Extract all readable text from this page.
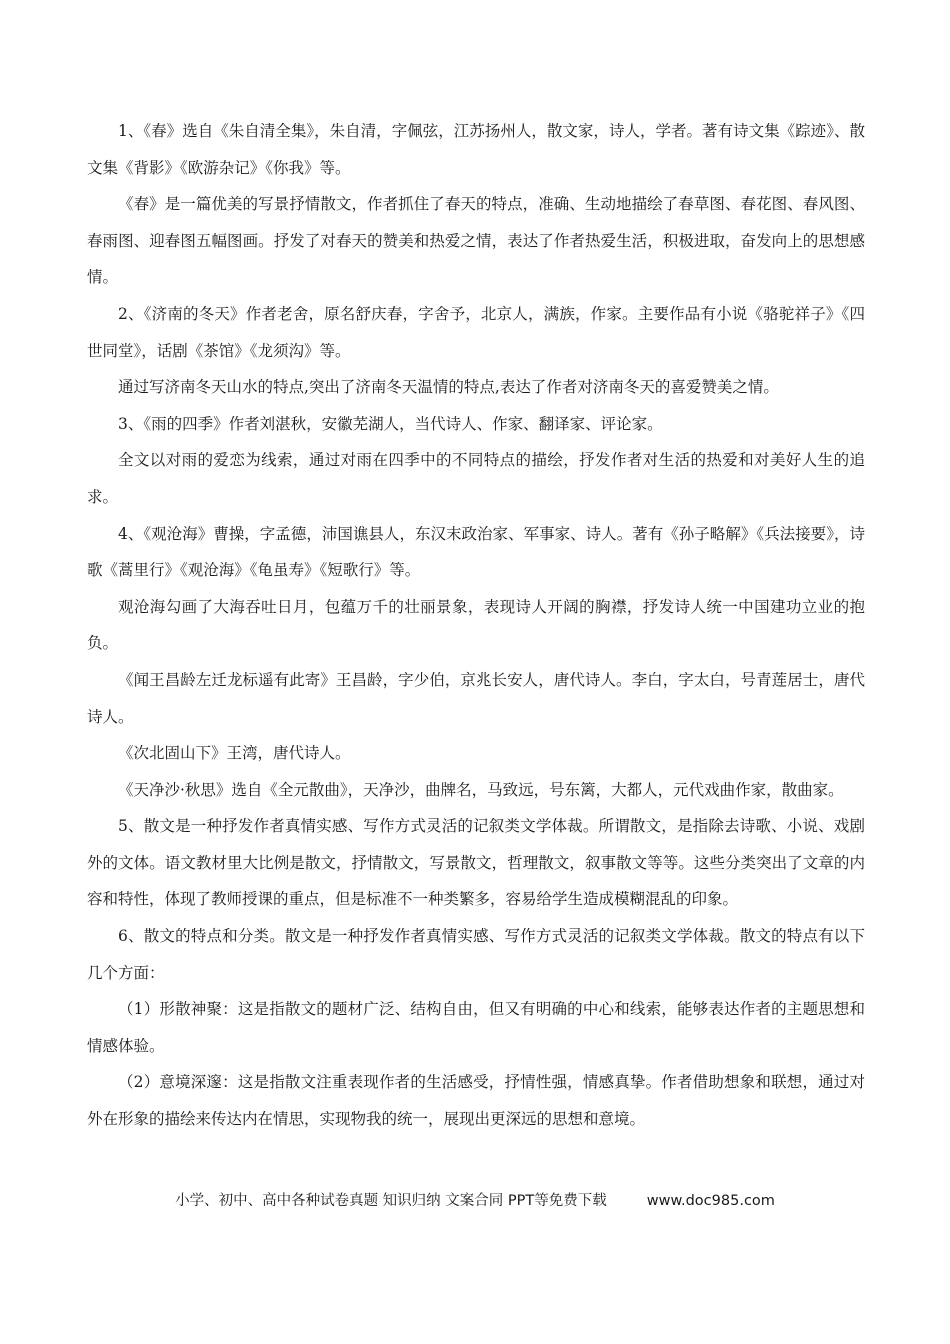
1、《春》选自《朱自清全集》，朱自清，字佩弦，江苏扬州人，散文家，诗人，学者。著有诗文集《踪迹》、散文集《背影》《欧游杂记》《你我》等。

《春》是一篇优美的写景抒情散文，作者抓住了春天的特点，准确、生动地描绘了春草图、春花图、春风图、春雨图、迎春图五幅图画。抒发了对春天的赞美和热爱之情，表达了作者热爱生活，积极进取，奋发向上的思想感情。

2、《济南的冬天》作者老舍，原名舒庆春，字舍予，北京人，满族，作家。主要作品有小说《骆驼祥子》《四世同堂》，话剧《茶馆》《龙须沟》等。

通过写济南冬天山水的特点,突出了济南冬天温情的特点,表达了作者对济南冬天的喜爱赞美之情。

3、《雨的四季》作者刘湛秋，安徽芜湖人，当代诗人、作家、翻译家、评论家。

全文以对雨的爱恋为线索，通过对雨在四季中的不同特点的描绘，抒发作者对生活的热爱和对美好人生的追求。

4、《观沧海》曹操，字孟德，沛国谯县人，东汉末政治家、军事家、诗人。著有《孙子略解》《兵法接要》，诗歌《蒿里行》《观沧海》《龟虽寿》《短歌行》等。

观沧海勾画了大海吞吐日月，包蕴万千的壮丽景象，表现诗人开阔的胸襟，抒发诗人统一中国建功立业的抱负。

《闻王昌龄左迁龙标遥有此寄》王昌龄，字少伯，京兆长安人，唐代诗人。李白，字太白，号青莲居士，唐代诗人。

《次北固山下》王湾，唐代诗人。

《天净沙·秋思》选自《全元散曲》，天净沙，曲牌名，马致远，号东篱，大都人，元代戏曲作家，散曲家。

5、散文是一种抒发作者真情实感、写作方式灵活的记叙类文学体裁。所谓散文，是指除去诗歌、小说、戏剧外的文体。语文教材里大比例是散文，抒情散文，写景散文，哲理散文，叙事散文等等。这些分类突出了文章的内容和特性，体现了教师授课的重点，但是标准不一种类繁多，容易给学生造成模糊混乱的印象。

6、散文的特点和分类。散文是一种抒发作者真情实感、写作方式灵活的记叙类文学体裁。散文的特点有以下几个方面：

（1）形散神聚：这是指散文的题材广泛、结构自由，但又有明确的中心和线索，能够表达作者的主题思想和情感体验。

（2）意境深邃：这是指散文注重表现作者的生活感受，抒情性强，情感真挚。作者借助想象和联想，通过对外在形象的描绘来传达内在情思，实现物我的统一，展现出更深远的思想和意境。

小学、初中、高中各种试卷真题 知识归纳 文案合同 PPT等免费下载	www.doc985.com
